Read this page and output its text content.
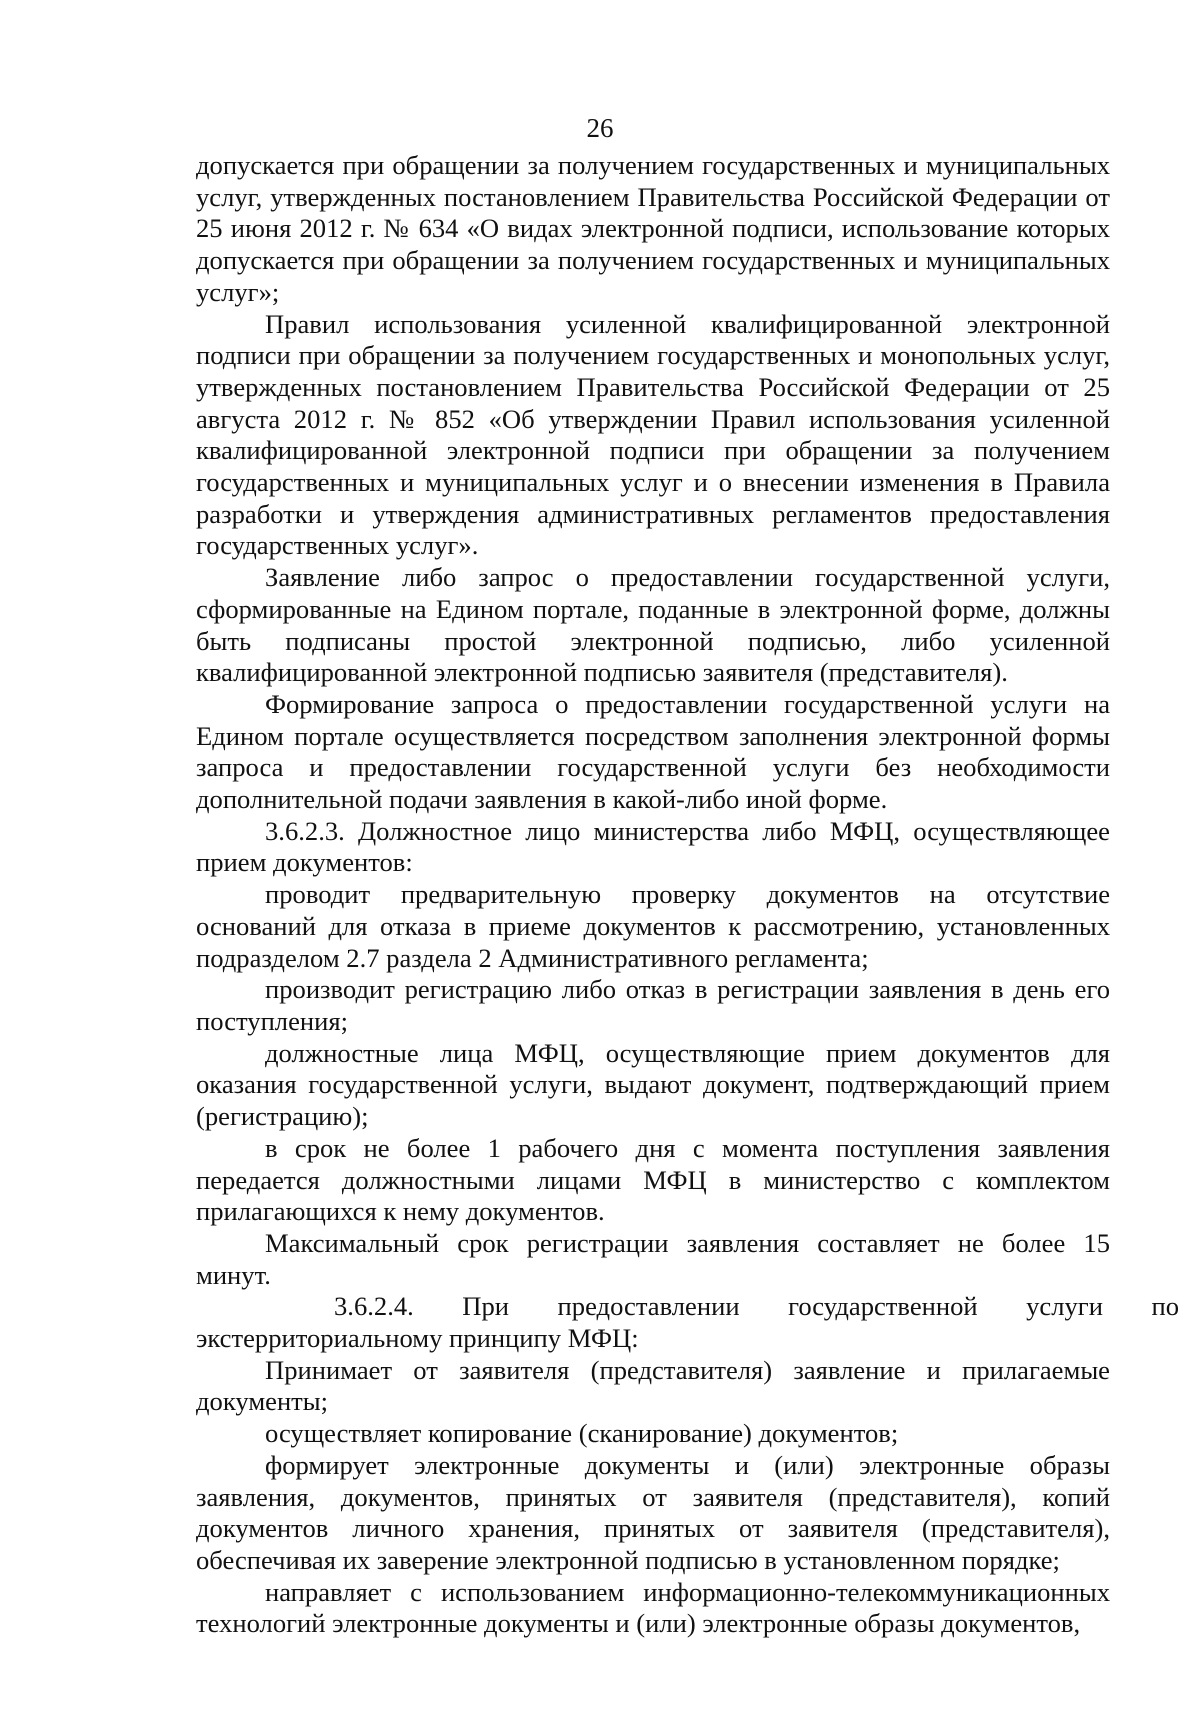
26

допускается при обращении за получением государственных и муниципальных услуг, утвержденных постановлением Правительства Российской Федерации от 25 июня 2012 г. № 634 «О видах электронной подписи, использование которых допускается при обращении за получением государственных и муниципальных услуг»;

Правил использования усиленной квалифицированной электронной подписи при обращении за получением государственных и монопольных услуг, утвержденных постановлением Правительства Российской Федерации от 25 августа 2012 г. № 852 «Об утверждении Правил использования усиленной квалифицированной электронной подписи при обращении за получением государственных и муниципальных услуг и о внесении изменения в Правила разработки и утверждения административных регламентов предоставления государственных услуг».

Заявление либо запрос о предоставлении государственной услуги, сформированные на Едином портале, поданные в электронной форме, должны быть подписаны простой электронной подписью, либо усиленной квалифицированной электронной подписью заявителя (представителя).

Формирование запроса о предоставлении государственной услуги на Едином портале осуществляется посредством заполнения электронной формы запроса и предоставлении государственной услуги без необходимости дополнительной подачи заявления в какой-либо иной форме.

3.6.2.3. Должностное лицо министерства либо МФЦ, осуществляющее прием документов:

проводит предварительную проверку документов на отсутствие оснований для отказа в приеме документов к рассмотрению, установленных подразделом 2.7 раздела 2 Административного регламента;

производит регистрацию либо отказ в регистрации заявления в день его поступления;

должностные лица МФЦ, осуществляющие прием документов для оказания государственной услуги, выдают документ, подтверждающий прием (регистрацию);

в срок не более 1 рабочего дня с момента поступления заявления передается должностными лицами МФЦ в министерство с комплектом прилагающихся к нему документов.

Максимальный срок регистрации заявления составляет не более 15 минут.

3.6.2.4. При предоставлении государственной услуги поэкстерриториальному принципу МФЦ:

Принимает от заявителя (представителя) заявление и прилагаемые документы;

осуществляет копирование (сканирование) документов;

формирует электронные документы и (или) электронные образы заявления, документов, принятых от заявителя (представителя), копий документов личного хранения, принятых от заявителя (представителя), обеспечивая их заверение электронной подписью в установленном порядке;

направляет с использованием информационно-телекоммуникационных технологий электронные документы и (или) электронные образы документов,
